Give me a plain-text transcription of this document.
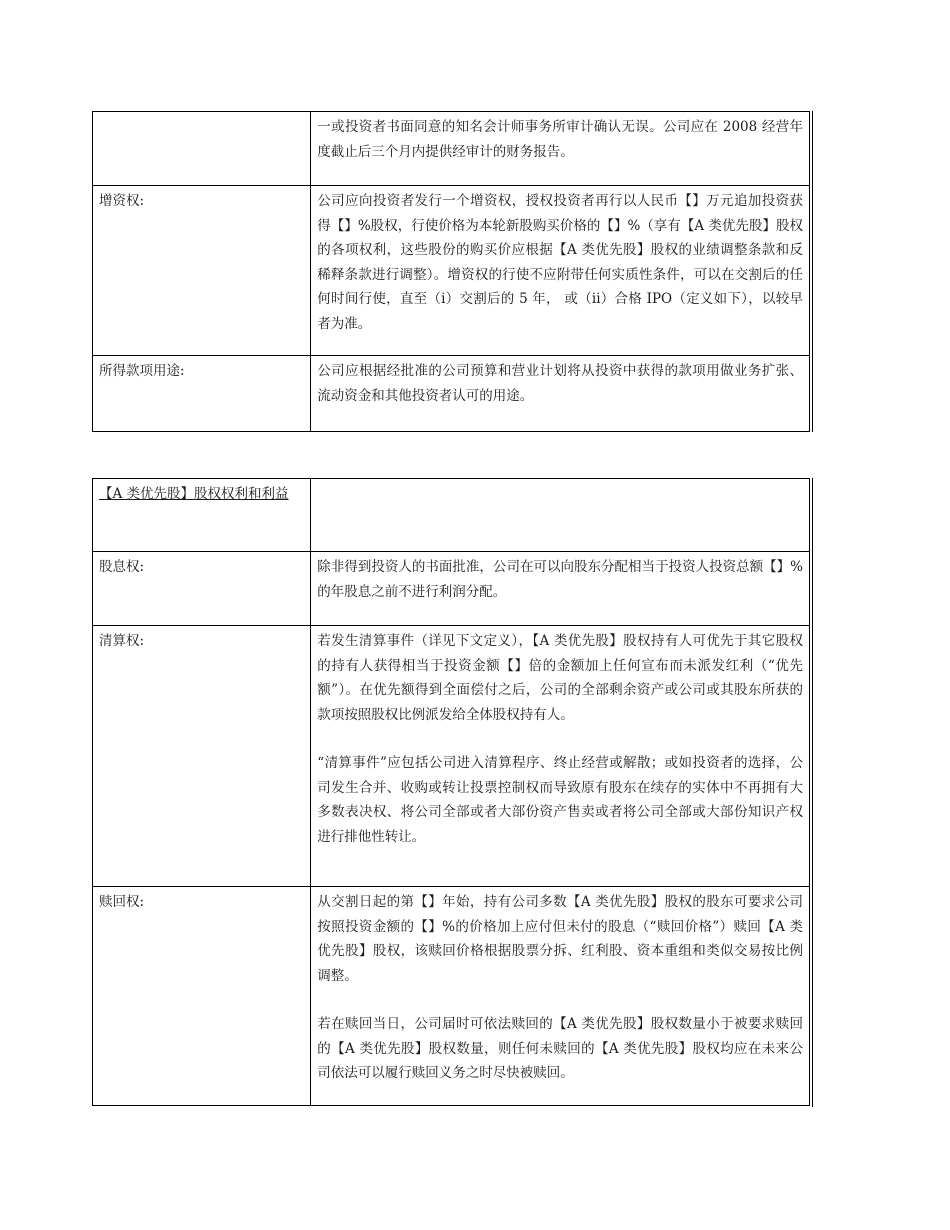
	一或投资者书面同意的知名会计师事务所审计确认无误。公司应在 2008 经营年度截止后三个月内提供经审计的财务报告。

增资权:	公司应向投资者发行一个增资权，授权投资者再行以人民币【】万元追加投资获得【】%股权，行使价格为本轮新股购买价格的【】%（享有【A 类优先股】股权的各项权利，这些股份的购买价应根据【A 类优先股】股权的业绩调整条款和反稀释条款进行调整）。增资权的行使不应附带任何实质性条件，可以在交割后的任何时间行使，直至（i）交割后的 5 年， 或（ii）合格 IPO（定义如下），以较早者为准。

所得款项用途:	公司应根据经批准的公司预算和营业计划将从投资中获得的款项用做业务扩张、流动资金和其他投资者认可的用途。

【A 类优先股】股权权利和利益	
股息权:	除非得到投资人的书面批准，公司在可以向股东分配相当于投资人投资总额【】%的年股息之前不进行利润分配。

清算权:	若发生清算事件（详见下文定义），【A 类优先股】股权持有人可优先于其它股权的持有人获得相当于投资金额【】倍的金额加上任何宣布而未派发红利（“优先额”）。在优先额得到全面偿付之后，公司的全部剩余资产或公司或其股东所获的款项按照股权比例派发给全体股权持有人。

“清算事件”应包括公司进入清算程序、终止经营或解散；或如投资者的选择，公司发生合并、收购或转让投票控制权而导致原有股东在续存的实体中不再拥有大多数表决权、将公司全部或者大部份资产售卖或者将公司全部或大部份知识产权进行排他性转让。

赎回权:	从交割日起的第【】年始，持有公司多数【A 类优先股】股权的股东可要求公司按照投资金额的【】%的价格加上应付但未付的股息（“赎回价格”）赎回【A 类优先股】股权，该赎回价格根据股票分拆、红利股、资本重组和类似交易按比例调整。

若在赎回当日，公司届时可依法赎回的【A 类优先股】股权数量小于被要求赎回的【A 类优先股】股权数量，则任何未赎回的【A 类优先股】股权均应在未来公司依法可以履行赎回义务之时尽快被赎回。
